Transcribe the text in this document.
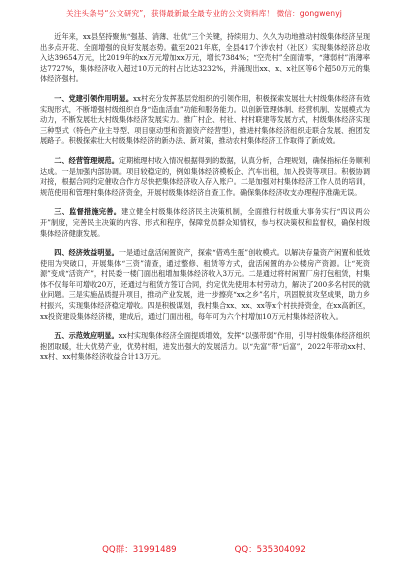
关注头条号“公文研究”，获得最新最全最专业的公文资料库！ 微信：gongwenyj

近年来，xx县坚持聚焦“强基、消薄、壮优”三个关键，持续用力、久久为功地推动村级集体经济呈现出多点开花、全面增强的良好发展态势。截至2021年底，全县417个涉农村（社区）实现集体经济总收入达39654万元，比2019年的xx万元增加xx万元，增长7384%；“空壳村”全面清零，“薄弱村”消薄率达7727%，集体经济收入超过10万元的村占比达3232%，并涌现出xx、x、x社区等6个超50万元的集体经济强村。

一、党建引领作用明显。xx村充分发挥基层党组织的引领作用，积极探索发展壮大村级集体经济有效实现形式，不断增强村级组织自身“造血活血”功能和服务能力。以创新管理体制、经营机制、发展模式为动力，不断发展壮大村级集体经济发展实力。推广村企、村社、村村联建等发展方式，村级集体经济实现三种型式（特色产业主导型、项目驱动型和资源资产经营型），推进村集体经济组织走联合发展、抱团发展路子。积极探索壮大村级集体经济的新办法、新对策，推动农村集体经济工作取得了新成效。

二、经营管理规范。定期梳理村收入情况根据得到的数据，认真分析，合理规划，确保指标任务顺利达成。一是加强内部协调。项目较稳定的，例如集体经济模板企、汽车出租，加入投资等项目。积极协调对接，根据合同约定催收合作方尽快把集体经济收入存入账户。二是加强对村集体经济工作人员的培训，规范使用和管理村集体经济资金，开展村级集体经济自查工作。确保集体经济收支办理程序准确无误。

三、监督措施完善。建立健全村级集体经济民主决策机制，全面推行村级重大事务实行“四议两公开”制度，完善民主决策的内容、形式和程序，保障党员群众知情权，参与权决策权和监督权，确保村级集体经济健康发展。

四、经济效益明显。一是通过盘活闲置资产，探索“借鸡生蛋”创收模式。以解决存量资产闲置和低效使用为突破口，开展集体“三资”清查，通过整修、租赁等方式，盘活闲置的办公楼房产资源。让“死资源”变成“活资产”，村民委一楼门面出租增加集体经济收入3万元。二是通过将村闲置厂房打包租赁，村集体不仅每年可增收20万，还通过与租赁方签订合同，约定优先使用本村劳动力，解决了200多名村民的就业问题。三是实施品质提升项目，推动产业发展，进一步擦亮“xx之乡”名片，巩固脱贫攻坚成果，助力乡村振兴，实现集体经济稳定增收。四是积极谋划，我村集合xx、xx、xx等x个村扶持资金，在xx高新区，xx投资建设集体经济楼，建成后，通过门面出租，每年可为六个村增加10万元村集体经济收入。

五、示范效应明显。xx村实现集体经济全面提质增效，发挥“以强带弱”作用，引导村级集体经济组织抱团取暖，壮大优势产业，优势村组，进发出强大的发展活力。以“先富”带“后富”，2022年带动xx村、xx村、xx村集体经济收益合计13万元。

QQ群：31991489	QQ：535304092
